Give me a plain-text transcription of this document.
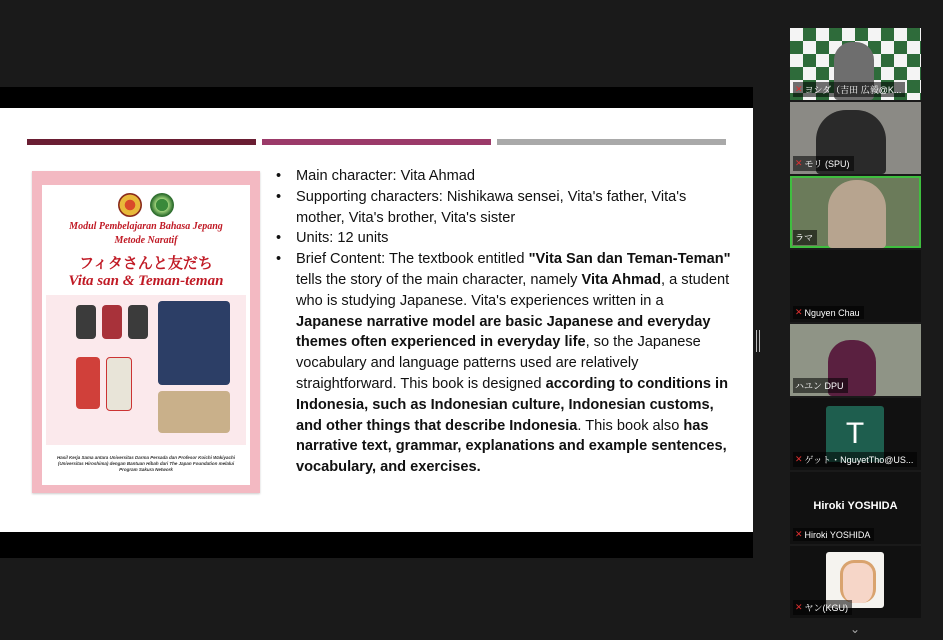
Modul Pembelajaran Bahasa Jepang
Metode Naratif
フィタさんと友だち
Vita san & Teman-teman
Hasil Kerja Sama antara Universitas Darma Persada dan Profesor Koichi Wakiyachi
(Universitas Hiroshima) dengan Bantuan Hibah dari The Japan Foundation melalui
Program Sakura Network
• Main character: Vita Ahmad
• Supporting characters: Nishikawa sensei, Vita's father, Vita's mother, Vita's brother, Vita's sister
• Units: 12 units
• Brief Content: The textbook entitled "Vita San dan Teman-Teman" tells the story of the main character, namely Vita Ahmad, a student who is studying Japanese. Vita's experiences written in a Japanese narrative model are basic Japanese and everyday themes often experienced in everyday life, so the Japanese vocabulary and language patterns used are relatively straightforward. This book is designed according to conditions in Indonesia, such as Indonesian culture, Indonesian customs, and other things that describe Indonesia. This book also has narrative text, grammar, explanations and example sentences, vocabulary, and exercises.
✕ ヨシダ（吉田 広毅@K...
✕ モリ (SPU)
ラマ
✕ Nguyen Chau
ハユン DPU
T
✕ ゲット・NguyetTho@US...
Hiroki YOSHIDA
✕ Hiroki YOSHIDA
✕ ヤン(KGU)
⌄
